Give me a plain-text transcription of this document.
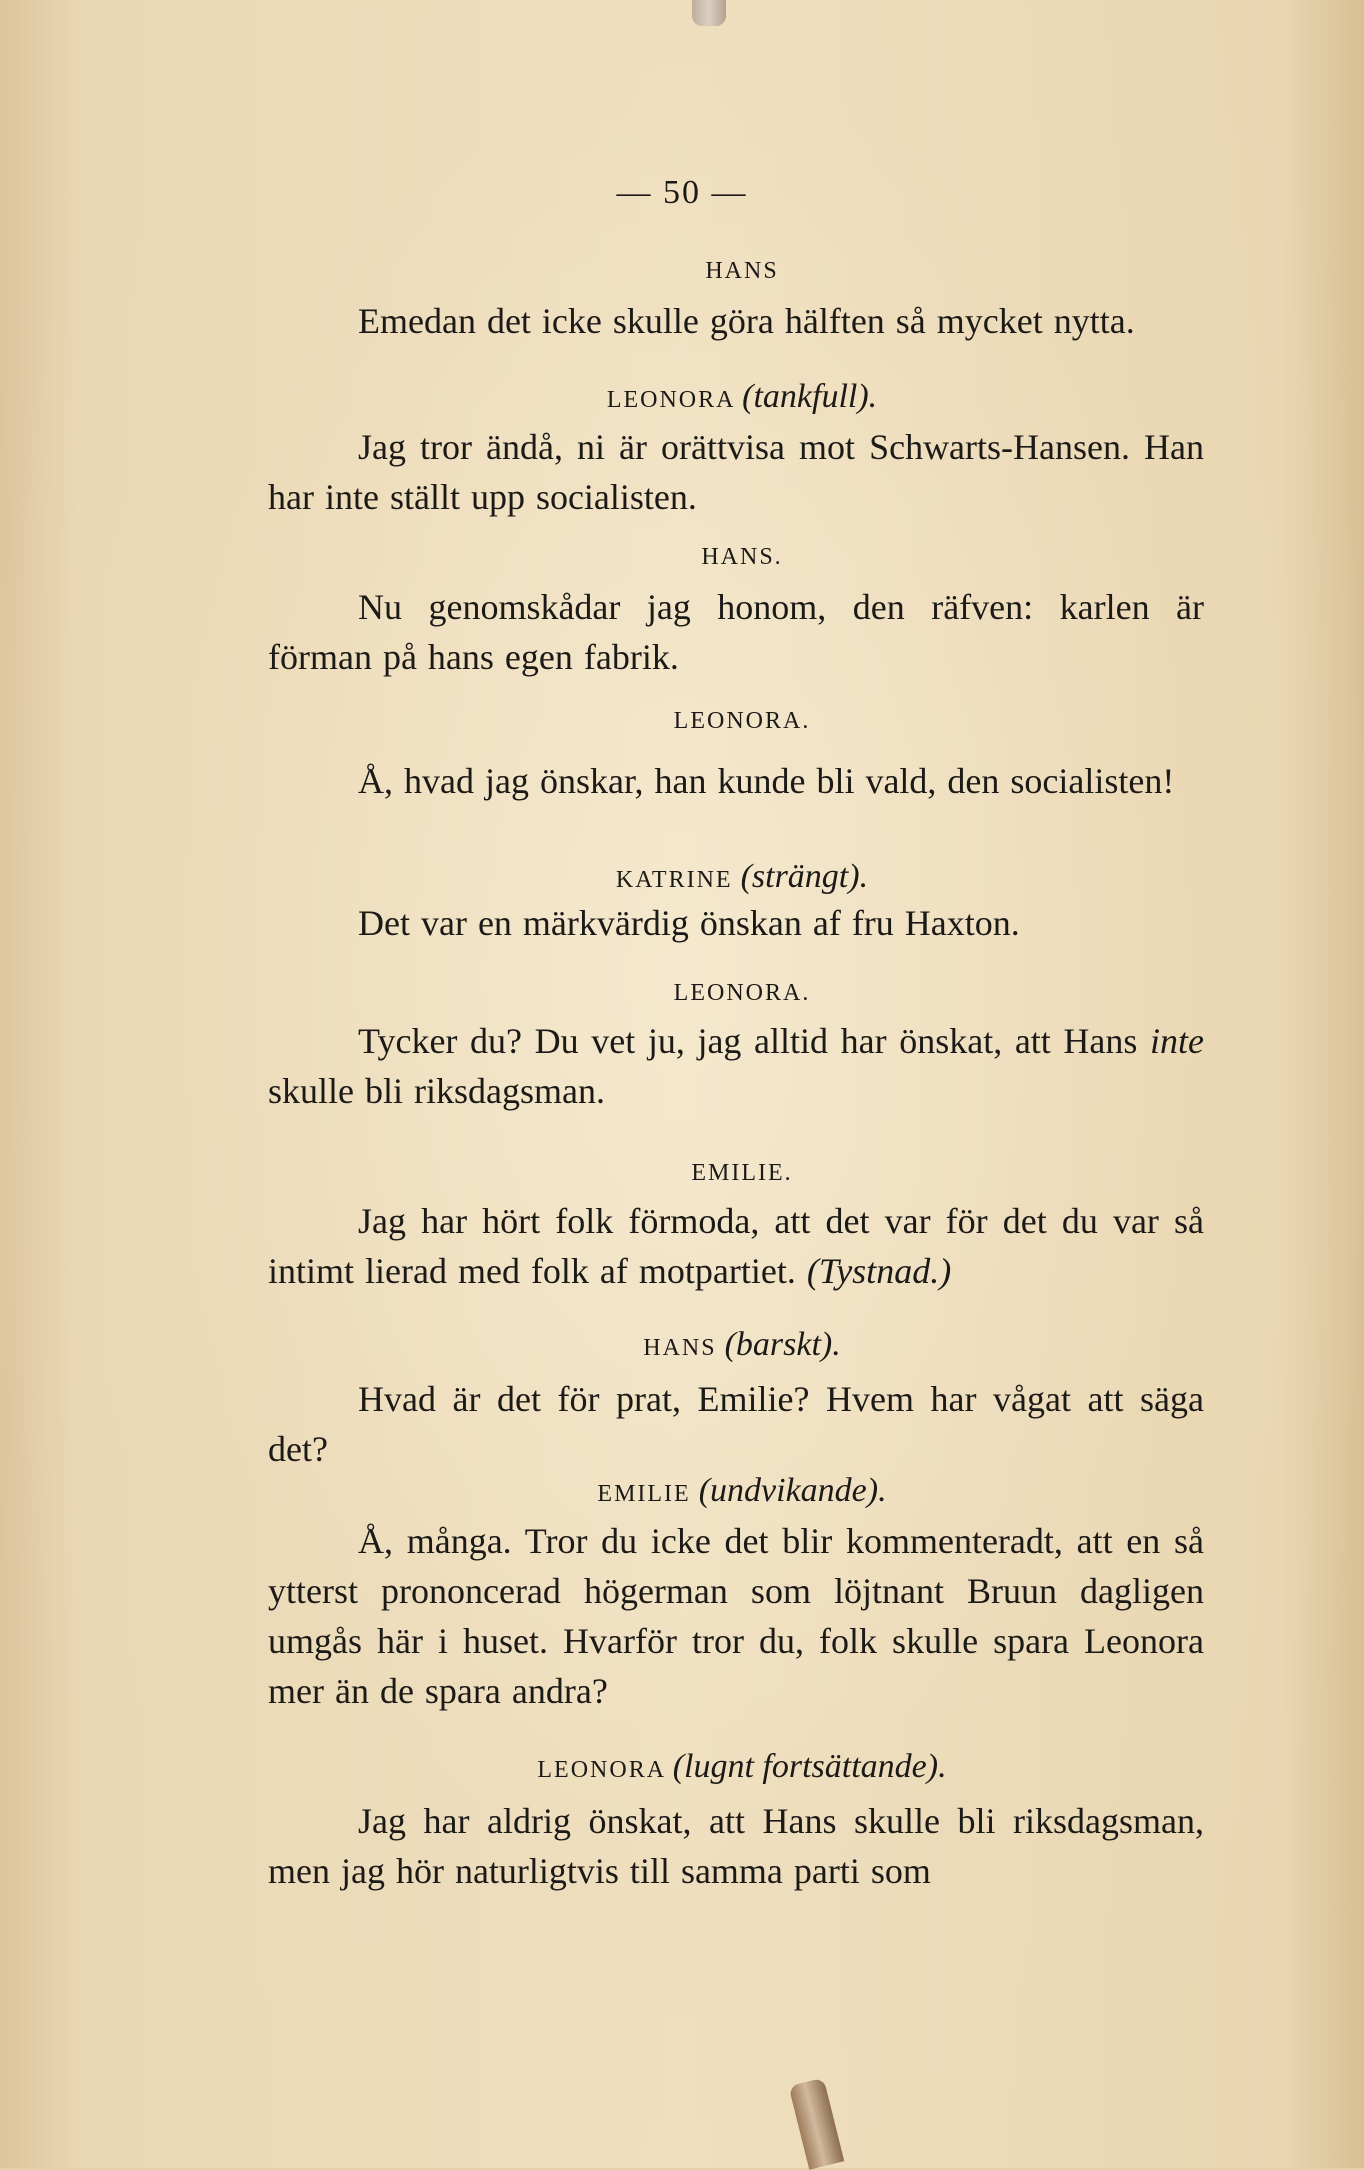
— 50 —
HANS
Emedan det icke skulle göra hälften så mycket nytta.
LEONORA (tankfull).
Jag tror ändå, ni är orättvisa mot Schwarts-Hansen. Han har inte ställt upp socialisten.
HANS.
Nu genomskådar jag honom, den räfven: karlen är förman på hans egen fabrik.
LEONORA.
Å, hvad jag önskar, han kunde bli vald, den socialisten!
KATRINE (strängt).
Det var en märkvärdig önskan af fru Haxton.
LEONORA.
Tycker du? Du vet ju, jag alltid har önskat, att Hans inte skulle bli riksdagsman.
EMILIE.
Jag har hört folk förmoda, att det var för det du var så intimt lierad med folk af motpartiet. (Tystnad.)
HANS (barskt).
Hvad är det för prat, Emilie? Hvem har vågat att säga det?
EMILIE (undvikande).
Å, många. Tror du icke det blir kommenteradt, att en så ytterst prononcerad högerman som löjtnant Bruun dagligen umgås här i huset. Hvarför tror du, folk skulle spara Leonora mer än de spara andra?
LEONORA (lugnt fortsättande).
Jag har aldrig önskat, att Hans skulle bli riksdagsman, men jag hör naturligtvis till samma parti som
